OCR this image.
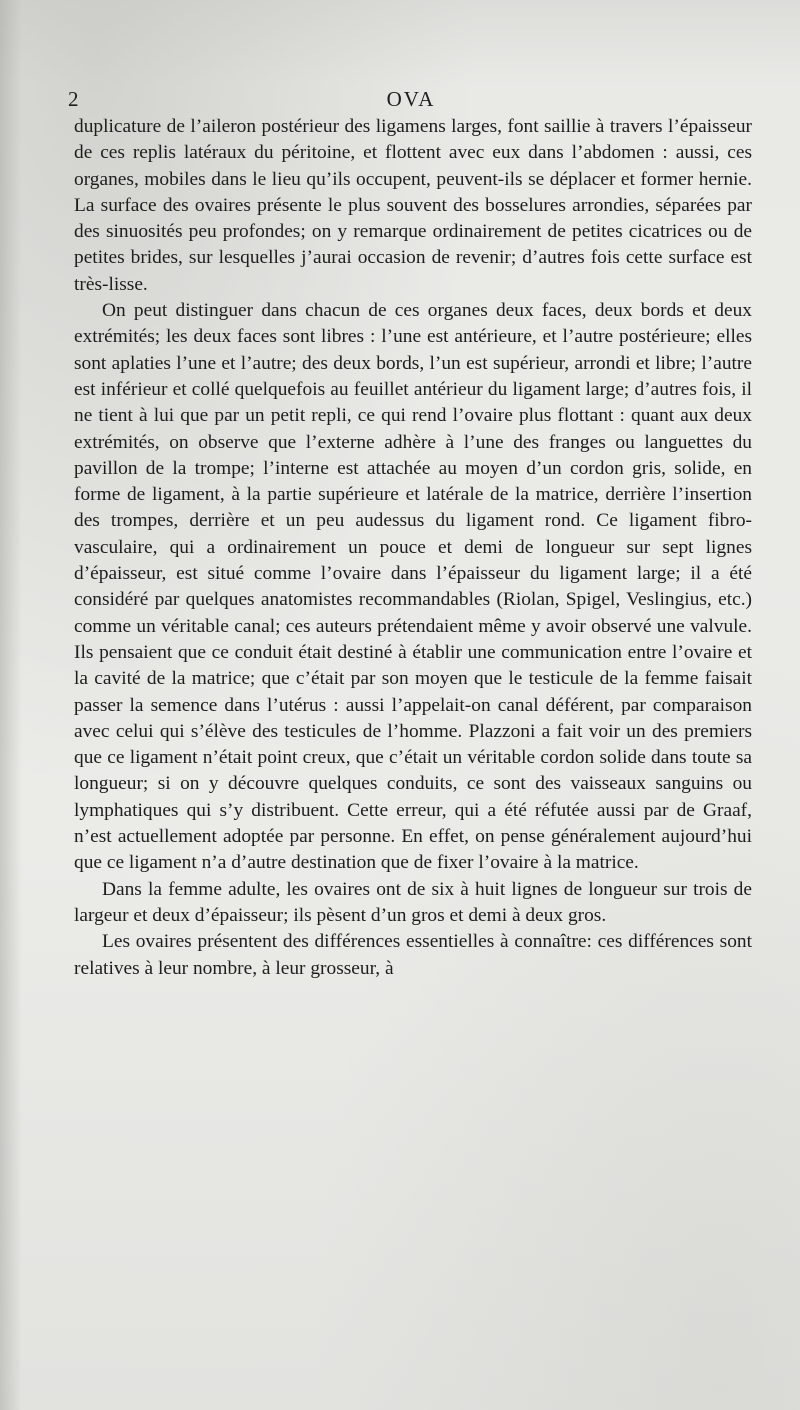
2	OVA

duplicature de l’aileron postérieur des ligamens larges, font saillie à travers l’épaisseur de ces replis latéraux du péritoine, et flottent avec eux dans l’abdomen : aussi, ces organes, mobiles dans le lieu qu’ils occupent, peuvent-ils se déplacer et former hernie. La surface des ovaires présente le plus souvent des bosselures arrondies, séparées par des sinuosités peu profondes; on y remarque ordinairement de petites cicatrices ou de petites brides, sur lesquelles j’aurai occasion de revenir; d’autres fois cette surface est très-lisse.

On peut distinguer dans chacun de ces organes deux faces, deux bords et deux extrémités; les deux faces sont libres : l’une est antérieure, et l’autre postérieure; elles sont aplaties l’une et l’autre; des deux bords, l’un est supérieur, arrondi et libre; l’autre est inférieur et collé quelquefois au feuillet antérieur du ligament large; d’autres fois, il ne tient à lui que par un petit repli, ce qui rend l’ovaire plus flottant : quant aux deux extrémités, on observe que l’externe adhère à l’une des franges ou languettes du pavillon de la trompe; l’interne est attachée au moyen d’un cordon gris, solide, en forme de ligament, à la partie supérieure et latérale de la matrice, derrière l’insertion des trompes, derrière et un peu audessus du ligament rond. Ce ligament fibro-vasculaire, qui a ordinairement un pouce et demi de longueur sur sept lignes d’épaisseur, est situé comme l’ovaire dans l’épaisseur du ligament large; il a été considéré par quelques anatomistes recommandables (Riolan, Spigel, Veslingius, etc.) comme un véritable canal; ces auteurs prétendaient même y avoir observé une valvule. Ils pensaient que ce conduit était destiné à établir une communication entre l’ovaire et la cavité de la matrice; que c’était par son moyen que le testicule de la femme faisait passer la semence dans l’utérus : aussi l’appelait-on canal déférent, par comparaison avec celui qui s’élève des testicules de l’homme. Plazzoni a fait voir un des premiers que ce ligament n’était point creux, que c’était un véritable cordon solide dans toute sa longueur; si on y découvre quelques conduits, ce sont des vaisseaux sanguins ou lymphatiques qui s’y distribuent. Cette erreur, qui a été réfutée aussi par de Graaf, n’est actuellement adoptée par personne. En effet, on pense généralement aujourd’hui que ce ligament n’a d’autre destination que de fixer l’ovaire à la matrice.

Dans la femme adulte, les ovaires ont de six à huit lignes de longueur sur trois de largeur et deux d’épaisseur; ils pèsent d’un gros et demi à deux gros.

Les ovaires présentent des différences essentielles à connaître: ces différences sont relatives à leur nombre, à leur grosseur, à
